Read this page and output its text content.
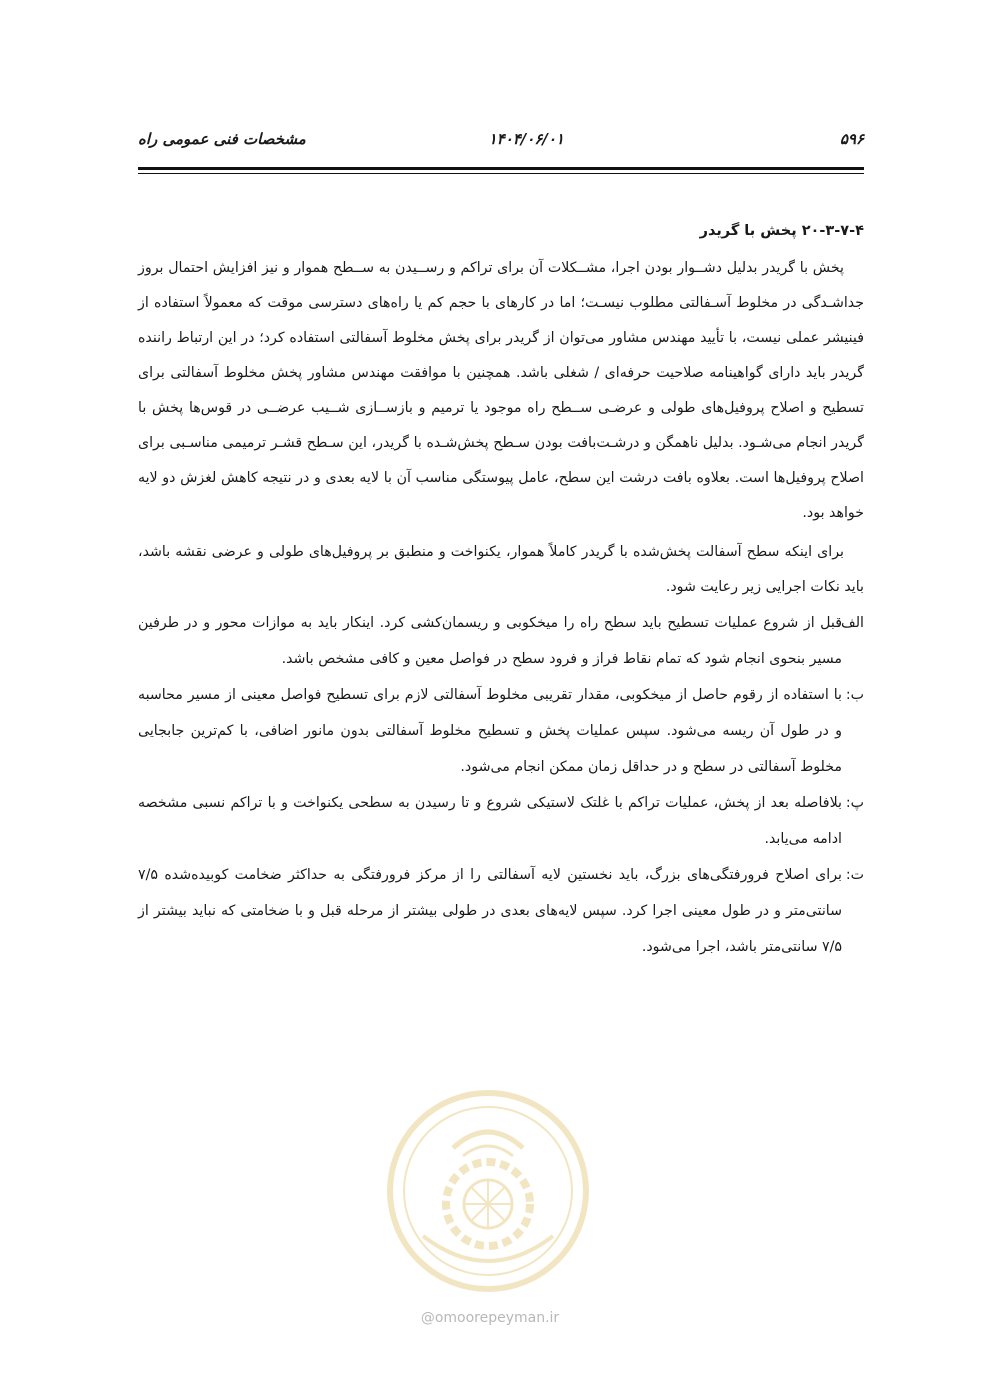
۵۹۶
۱۴۰۴/۰۶/۰۱
مشخصات فنی عمومی راه
۲۰-۳-۷-۴ پخش با گریدر

پخش با گریدر بدلیل دشــوار بودن اجرا، مشــکلات آن برای تراکم و رســیدن به ســطح هموار و نیز افزایش احتمال بروز جداشـدگی در مخلوط آسـفالتی مطلوب نیسـت؛ اما در کارهای با حجم کم یا راه‌های دسترسی موقت که معمولاً استفاده از فینیشر عملی نیست، با تأیید مهندس مشاور می‌توان از گریدر برای پخش مخلوط آسفالتی استفاده کرد؛ در این ارتباط راننده گریدر باید دارای گواهینامه صلاحیت حرفه‌ای / شغلی باشد. همچنین با موافقت مهندس مشاور پخش مخلوط آسفالتی برای تسطیح و اصلاح پروفیل‌های طولی و عرضـی ســطح راه موجود یا ترمیم و بازســازی شــیب عرضــی در قوس‌ها پخش با گریدر انجام می‌شـود. بدلیل ناهمگن و درشـت‌بافت بودن سـطح پخش‌شـده با گریدر، این سـطح قشـر ترمیمی مناسـبی برای اصلاح پروفیل‌ها است. بعلاوه بافت درشت این سطح، عامل پیوستگی مناسب آن با لایه بعدی و در نتیجه کاهش لغزش دو لایه خواهد بود.

برای اینکه سطح آسفالت پخش‌شده با گریدر کاملاً هموار، یکنواخت و منطبق بر پروفیل‌های طولی و عرضی نقشه باشد، باید نکات اجرایی زیر رعایت شود.

الف:
قبل از شروع عملیات تسطیح باید سطح راه را میخکوبی و ریسمان‌کشی کرد. اینکار باید به موازات محور و در طرفین مسیر بنحوی انجام شود که تمام نقاط فراز و فرود سطح در فواصل معین و کافی مشخص باشد.
ب:
با استفاده از رقوم حاصل از میخکوبی، مقدار تقریبی مخلوط آسفالتی لازم برای تسطیح فواصل معینی از مسیر محاسبه و در طول آن ریسه می‌شود. سپس عملیات پخش و تسطیح مخلوط آسفالتی بدون مانور اضافی، با کم‌ترین جابجایی مخلوط آسفالتی در سطح و در حداقل زمان ممکن انجام می‌شود.
پ:
بلافاصله بعد از پخش، عملیات تراکم با غلتک لاستیکی شروع و تا رسیدن به سطحی یکنواخت و با تراکم نسبی مشخصه ادامه می‌یابد.
ت:
برای اصلاح فرورفتگی‌های بزرگ، باید نخستین لایه آسفالتی را از مرکز فرورفتگی به حداکثر ضخامت کوبیده‌شده ۷/۵ سانتی‌متر و در طول معینی اجرا کرد. سپس لایه‌های بعدی در طولی بیشتر از مرحله قبل و با ضخامتی که نباید بیشتر از ۷/۵ سانتی‌متر باشد، اجرا می‌شود.
@omoorepeyman.ir
